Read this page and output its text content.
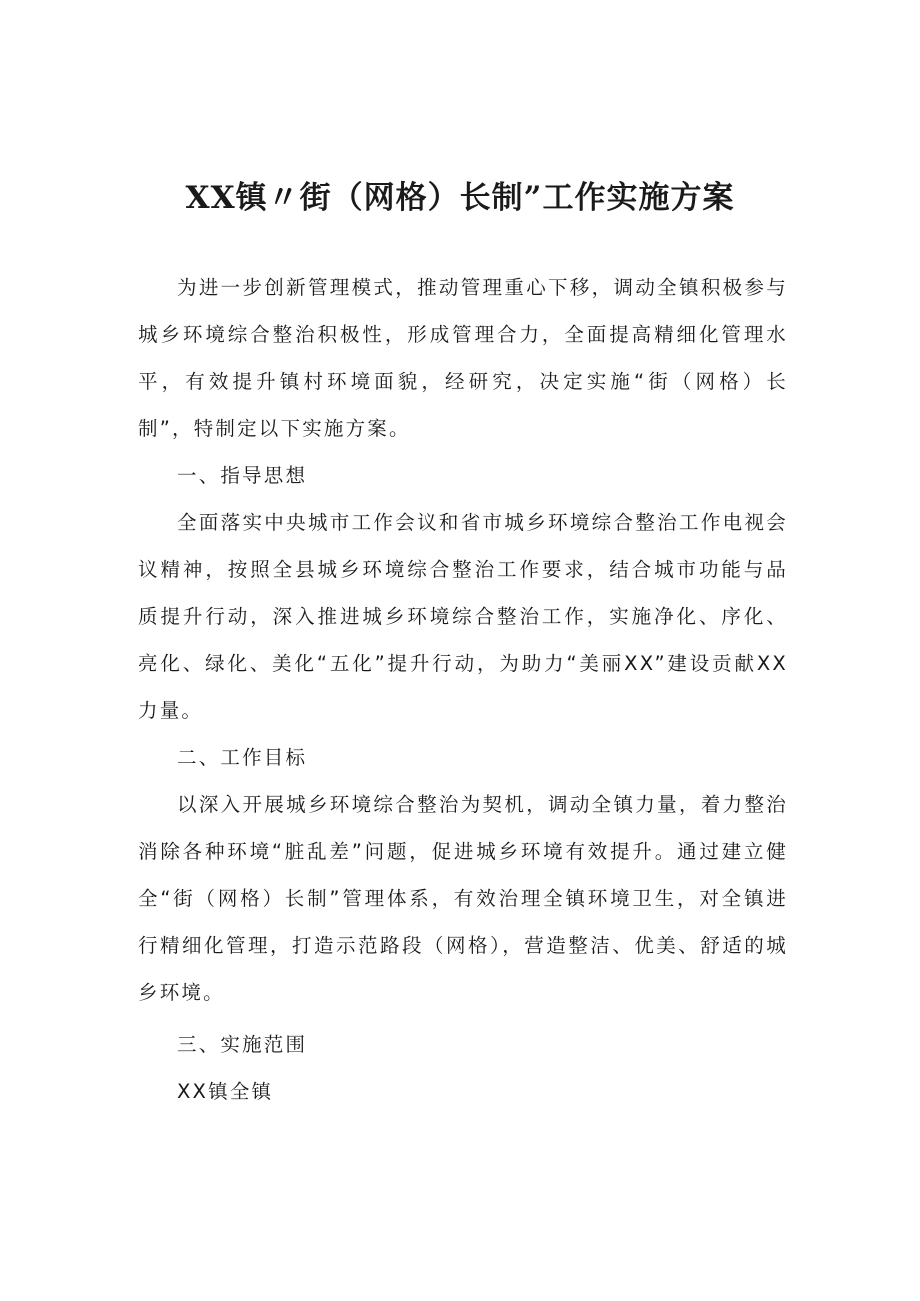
XX镇〃街（网格）长制”工作实施方案

为进一步创新管理模式，推动管理重心下移，调动全镇积极参与城乡环境综合整治积极性，形成管理合力，全面提高精细化管理水平，有效提升镇村环境面貌，经研究，决定实施“街（网格）长制”，特制定以下实施方案。

一、指导思想

全面落实中央城市工作会议和省市城乡环境综合整治工作电视会议精神，按照全县城乡环境综合整治工作要求，结合城市功能与品质提升行动，深入推进城乡环境综合整治工作，实施净化、序化、亮化、绿化、美化“五化”提升行动，为助力“美丽XX”建设贡献XX力量。

二、工作目标

以深入开展城乡环境综合整治为契机，调动全镇力量，着力整治消除各种环境“脏乱差”问题，促进城乡环境有效提升。通过建立健全“街（网格）长制”管理体系，有效治理全镇环境卫生，对全镇进行精细化管理，打造示范路段（网格），营造整洁、优美、舒适的城乡环境。

三、实施范围

XX镇全镇
